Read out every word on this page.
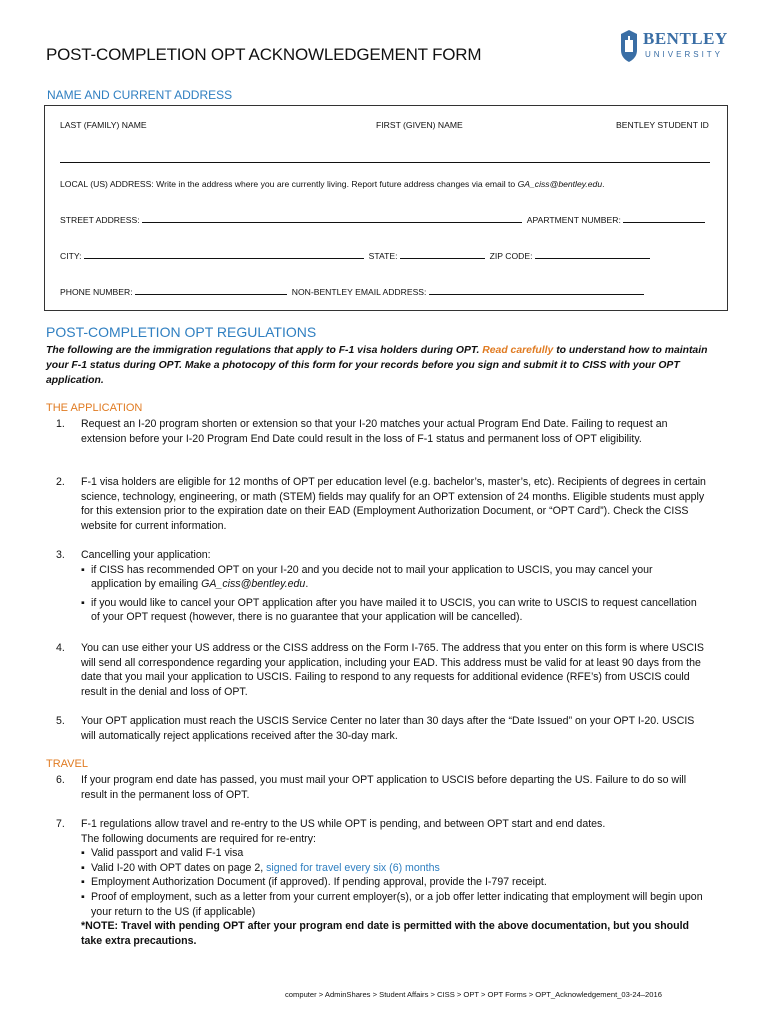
POST-COMPLETION OPT ACKNOWLEDGEMENT FORM
BENTLEY
UNIVERSITY
NAME AND CURRENT ADDRESS
LAST (FAMILY) NAME	FIRST (GIVEN) NAME	BENTLEY STUDENT ID
LOCAL (US) ADDRESS: Write in the address where you are currently living. Report future address changes via email to GA_ciss@bentley.edu.
STREET ADDRESS:	APARTMENT NUMBER:
CITY:	STATE:	ZIP CODE:
PHONE NUMBER:	NON-BENTLEY EMAIL ADDRESS:
POST-COMPLETION OPT REGULATIONS
The following are the immigration regulations that apply to F-1 visa holders during OPT. Read carefully to understand how to maintain your F-1 status during OPT. Make a photocopy of this form for your records before you sign and submit it to CISS with your OPT application.
THE APPLICATION
1. Request an I-20 program shorten or extension so that your I-20 matches your actual Program End Date. Failing to request an extension before your I-20 Program End Date could result in the loss of F-1 status and permanent loss of OPT eligibility.
2. F-1 visa holders are eligible for 12 months of OPT per education level (e.g. bachelor’s, master’s, etc). Recipients of degrees in certain science, technology, engineering, or math (STEM) fields may qualify for an OPT extension of 24 months. Eligible students must apply for this extension prior to the expiration date on their EAD (Employment Authorization Document, or “OPT Card”). Check the CISS website for current information.
3. Cancelling your application:
▪ if CISS has recommended OPT on your I-20 and you decide not to mail your application to USCIS, you may cancel your application by emailing GA_ciss@bentley.edu.
▪ if you would like to cancel your OPT application after you have mailed it to USCIS, you can write to USCIS to request cancellation of your OPT request (however, there is no guarantee that your application will be cancelled).
4. You can use either your US address or the CISS address on the Form I-765. The address that you enter on this form is where USCIS will send all correspondence regarding your application, including your EAD. This address must be valid for at least 90 days from the date that you mail your application to USCIS. Failing to respond to any requests for additional evidence (RFE’s) from USCIS could result in the denial and loss of OPT.
5. Your OPT application must reach the USCIS Service Center no later than 30 days after the “Date Issued” on your OPT I-20. USCIS will automatically reject applications received after the 30-day mark.
TRAVEL
6. If your program end date has passed, you must mail your OPT application to USCIS before departing the US. Failure to do so will result in the permanent loss of OPT.
7. F-1 regulations allow travel and re-entry to the US while OPT is pending, and between OPT start and end dates.
The following documents are required for re-entry:
▪ Valid passport and valid F-1 visa
▪ Valid I-20 with OPT dates on page 2, signed for travel every six (6) months
▪ Employment Authorization Document (if approved). If pending approval, provide the I-797 receipt.
▪ Proof of employment, such as a letter from your current employer(s), or a job offer letter indicating that employment will begin upon your return to the US (if applicable)
*NOTE: Travel with pending OPT after your program end date is permitted with the above documentation, but you should take extra precautions.
computer > AdminShares > Student Affairs > CISS > OPT > OPT Forms > OPT_Acknowledgement_03-24–2016
